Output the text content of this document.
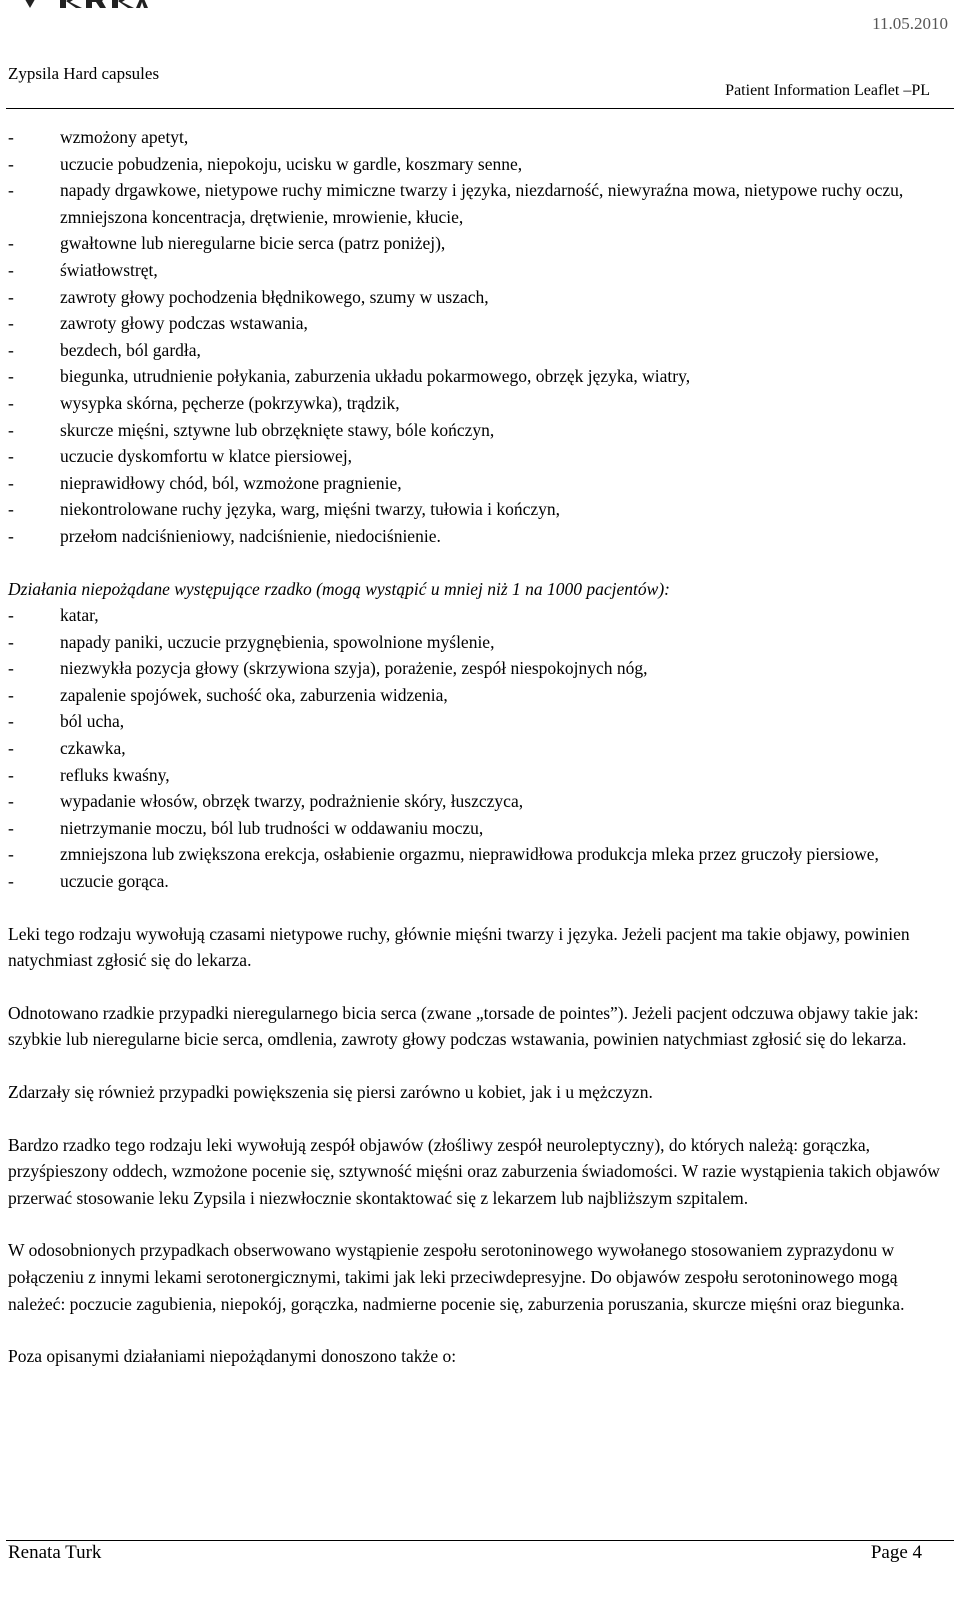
11.05.2010
Zypsila Hard capsules
Patient Information Leaflet –PL
- wzmożony apetyt,
- uczucie pobudzenia, niepokoju, ucisku w gardle, koszmary senne,
- napady drgawkowe, nietypowe ruchy mimiczne twarzy i języka, niezdarność, niewyraźna mowa, nietypowe ruchy oczu, zmniejszona koncentracja, drętwienie, mrowienie, kłucie,
- gwałtowne lub nieregularne bicie serca (patrz poniżej),
- światłowstręt,
- zawroty głowy pochodzenia błędnikowego, szumy w uszach,
- zawroty głowy podczas wstawania,
- bezdech, ból gardła,
- biegunka, utrudnienie połykania, zaburzenia układu pokarmowego, obrzęk języka, wiatry,
- wysypka skórna, pęcherze (pokrzywka), trądzik,
- skurcze mięśni, sztywne lub obrzęknięte stawy, bóle kończyn,
- uczucie dyskomfortu w klatce piersiowej,
- nieprawidłowy chód, ból, wzmożone pragnienie,
- niekontrolowane ruchy języka, warg, mięśni twarzy, tułowia i kończyn,
- przełom nadciśnieniowy, nadciśnienie, niedociśnienie.

Działania niepożądane występujące rzadko (mogą wystąpić u mniej niż 1 na 1000 pacjentów):

- katar,
- napady paniki, uczucie przygnębienia, spowolnione myślenie,
- niezwykła pozycja głowy (skrzywiona szyja), porażenie, zespół niespokojnych nóg,
- zapalenie spojówek, suchość oka, zaburzenia widzenia,
- ból ucha,
- czkawka,
- refluks kwaśny,
- wypadanie włosów, obrzęk twarzy, podrażnienie skóry, łuszczyca,
- nietrzymanie moczu, ból lub trudności w oddawaniu moczu,
- zmniejszona lub zwiększona erekcja, osłabienie orgazmu, nieprawidłowa produkcja mleka przez gruczoły piersiowe,
- uczucie gorąca.

Leki tego rodzaju wywołują czasami nietypowe ruchy, głównie mięśni twarzy i języka. Jeżeli pacjent ma takie objawy, powinien natychmiast zgłosić się do lekarza.

Odnotowano rzadkie przypadki nieregularnego bicia serca (zwane „torsade de pointes”). Jeżeli pacjent odczuwa objawy takie jak: szybkie lub nieregularne bicie serca, omdlenia, zawroty głowy podczas wstawania, powinien natychmiast zgłosić się do lekarza.

Zdarzały się również przypadki powiększenia się piersi zarówno u kobiet, jak i u mężczyzn.

Bardzo rzadko tego rodzaju leki wywołują zespół objawów (złośliwy zespół neuroleptyczny), do których należą: gorączka, przyśpieszony oddech, wzmożone pocenie się, sztywność mięśni oraz zaburzenia świadomości. W razie wystąpienia takich objawów przerwać stosowanie leku Zypsila i niezwłocznie skontaktować się z lekarzem lub najbliższym szpitalem.

W odosobnionych przypadkach obserwowano wystąpienie zespołu serotoninowego wywołanego stosowaniem zyprazydonu w połączeniu z innymi lekami serotonergicznymi, takimi jak leki przeciwdepresyjne. Do objawów zespołu serotoninowego mogą należeć: poczucie zagubienia, niepokój, gorączka, nadmierne pocenie się, zaburzenia poruszania, skurcze mięśni oraz biegunka.

Poza opisanymi działaniami niepożądanymi donoszono także o:

Renata Turk	Page 4
